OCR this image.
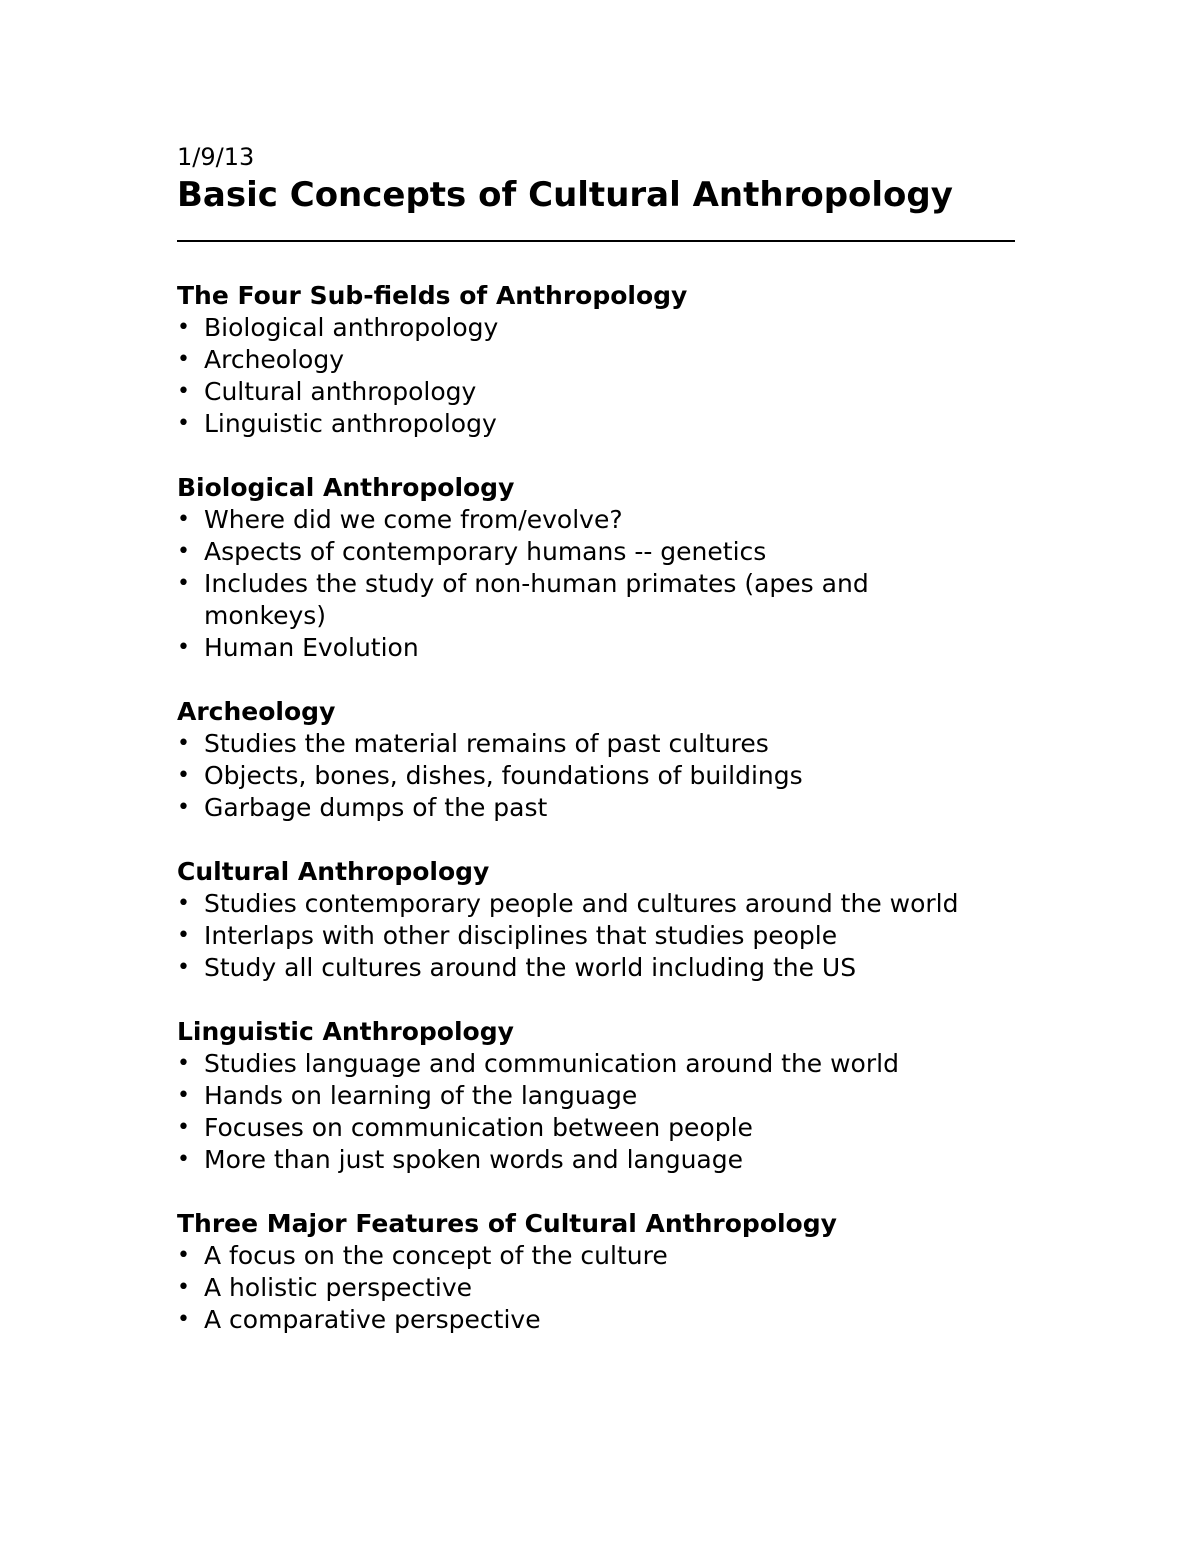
1/9/13

Basic Concepts of Cultural Anthropology
The Four Sub-fields of Anthropology
• Biological anthropology
• Archeology
• Cultural anthropology
• Linguistic anthropology
Biological Anthropology
• Where did we come from/evolve?
• Aspects of contemporary humans -- genetics
• Includes the study of non-human primates (apes and monkeys)
• Human Evolution
Archeology
• Studies the material remains of past cultures
• Objects, bones, dishes, foundations of buildings
• Garbage dumps of the past
Cultural Anthropology
• Studies contemporary people and cultures around the world
• Interlaps with other disciplines that studies people
• Study all cultures around the world including the US
Linguistic Anthropology
• Studies language and communication around the world
• Hands on learning of the language
• Focuses on communication between people
• More than just spoken words and language
Three Major Features of Cultural Anthropology
• A focus on the concept of the culture
• A holistic perspective
• A comparative perspective
